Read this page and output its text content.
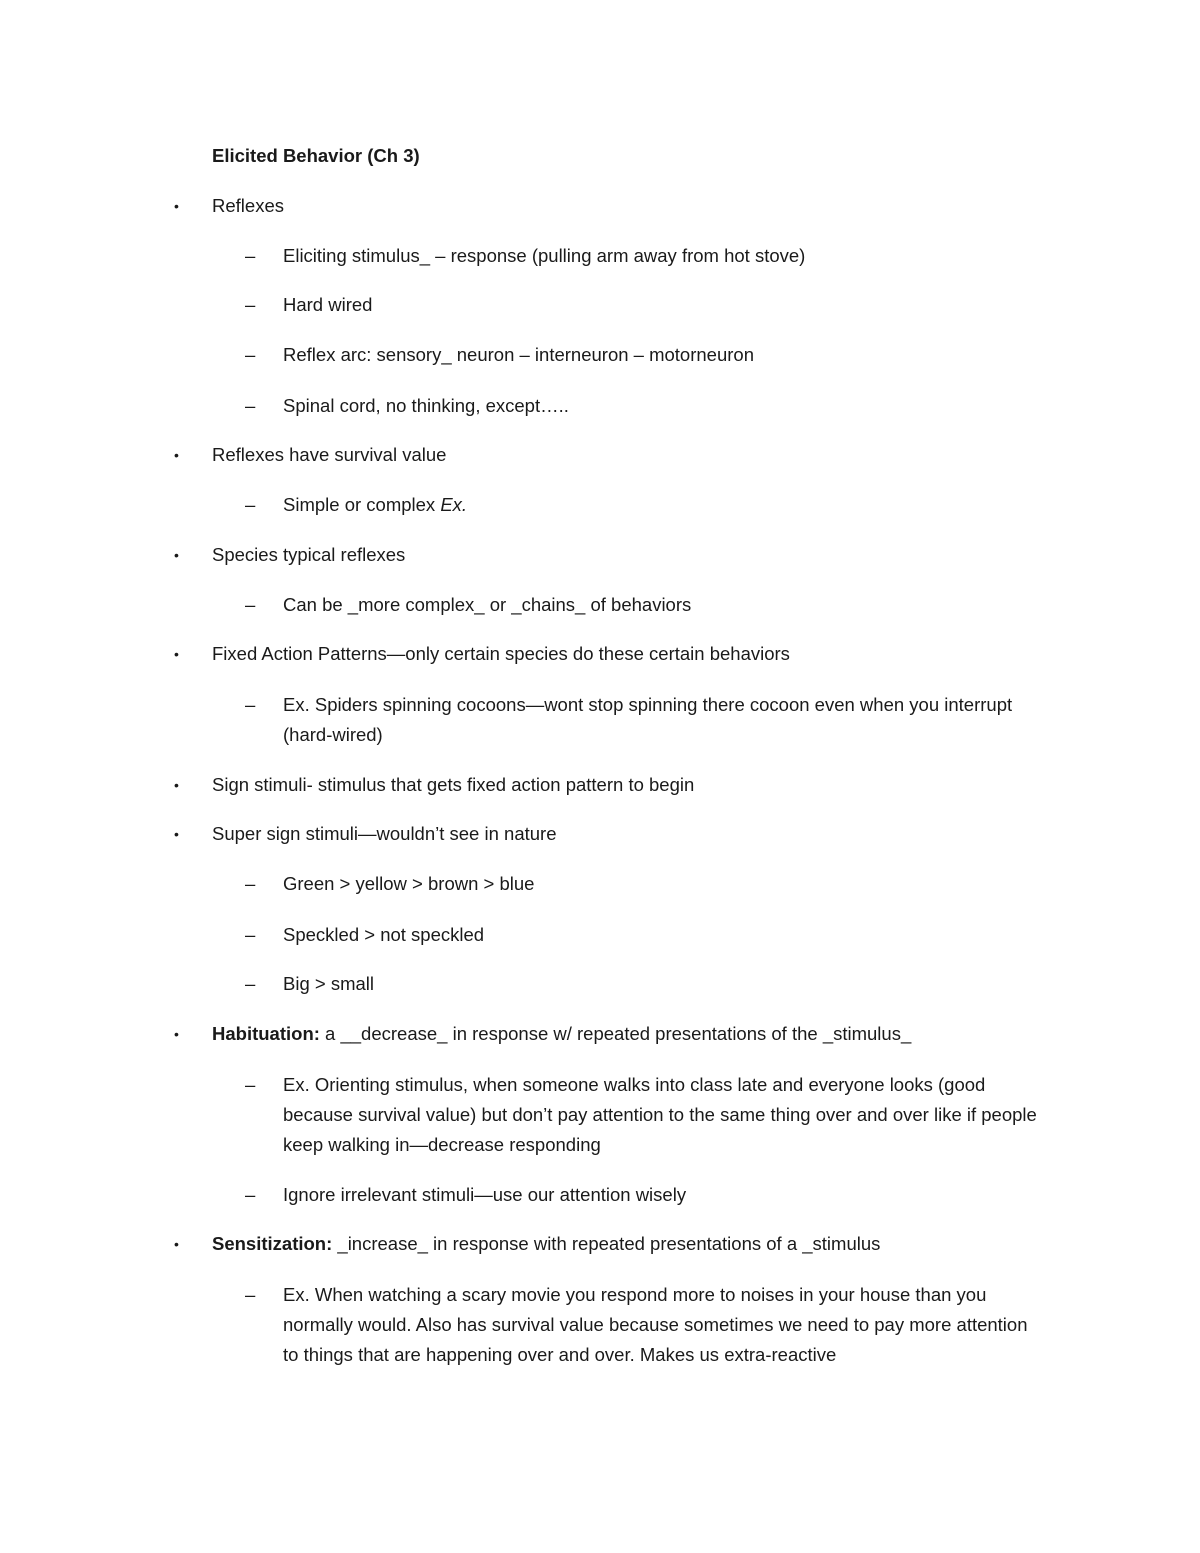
Elicited Behavior (Ch 3)
• Reflexes
– Eliciting stimulus_ – response (pulling arm away from hot stove)
– Hard wired
– Reflex arc: sensory_ neuron – interneuron – motorneuron
– Spinal cord, no thinking, except…..
• Reflexes have survival value
– Simple or complex Ex.
• Species typical reflexes
– Can be _more complex_ or _chains_ of behaviors
• Fixed Action Patterns—only certain species do these certain behaviors
– Ex. Spiders spinning cocoons—wont stop spinning there cocoon even when you interrupt (hard-wired)
• Sign stimuli- stimulus that gets fixed action pattern to begin
• Super sign stimuli—wouldn’t see in nature
– Green > yellow > brown > blue
– Speckled > not speckled
– Big > small
• Habituation: a __decrease_ in response w/ repeated presentations of the _stimulus_
– Ex. Orienting stimulus, when someone walks into class late and everyone looks (good because survival value) but don’t pay attention to the same thing over and over like if people keep walking in—decrease responding
– Ignore irrelevant stimuli—use our attention wisely
• Sensitization: _increase_ in response with repeated presentations of a _stimulus
– Ex. When watching a scary movie you respond more to noises in your house than you normally would. Also has survival value because sometimes we need to pay more attention to things that are happening over and over. Makes us extra-reactive
